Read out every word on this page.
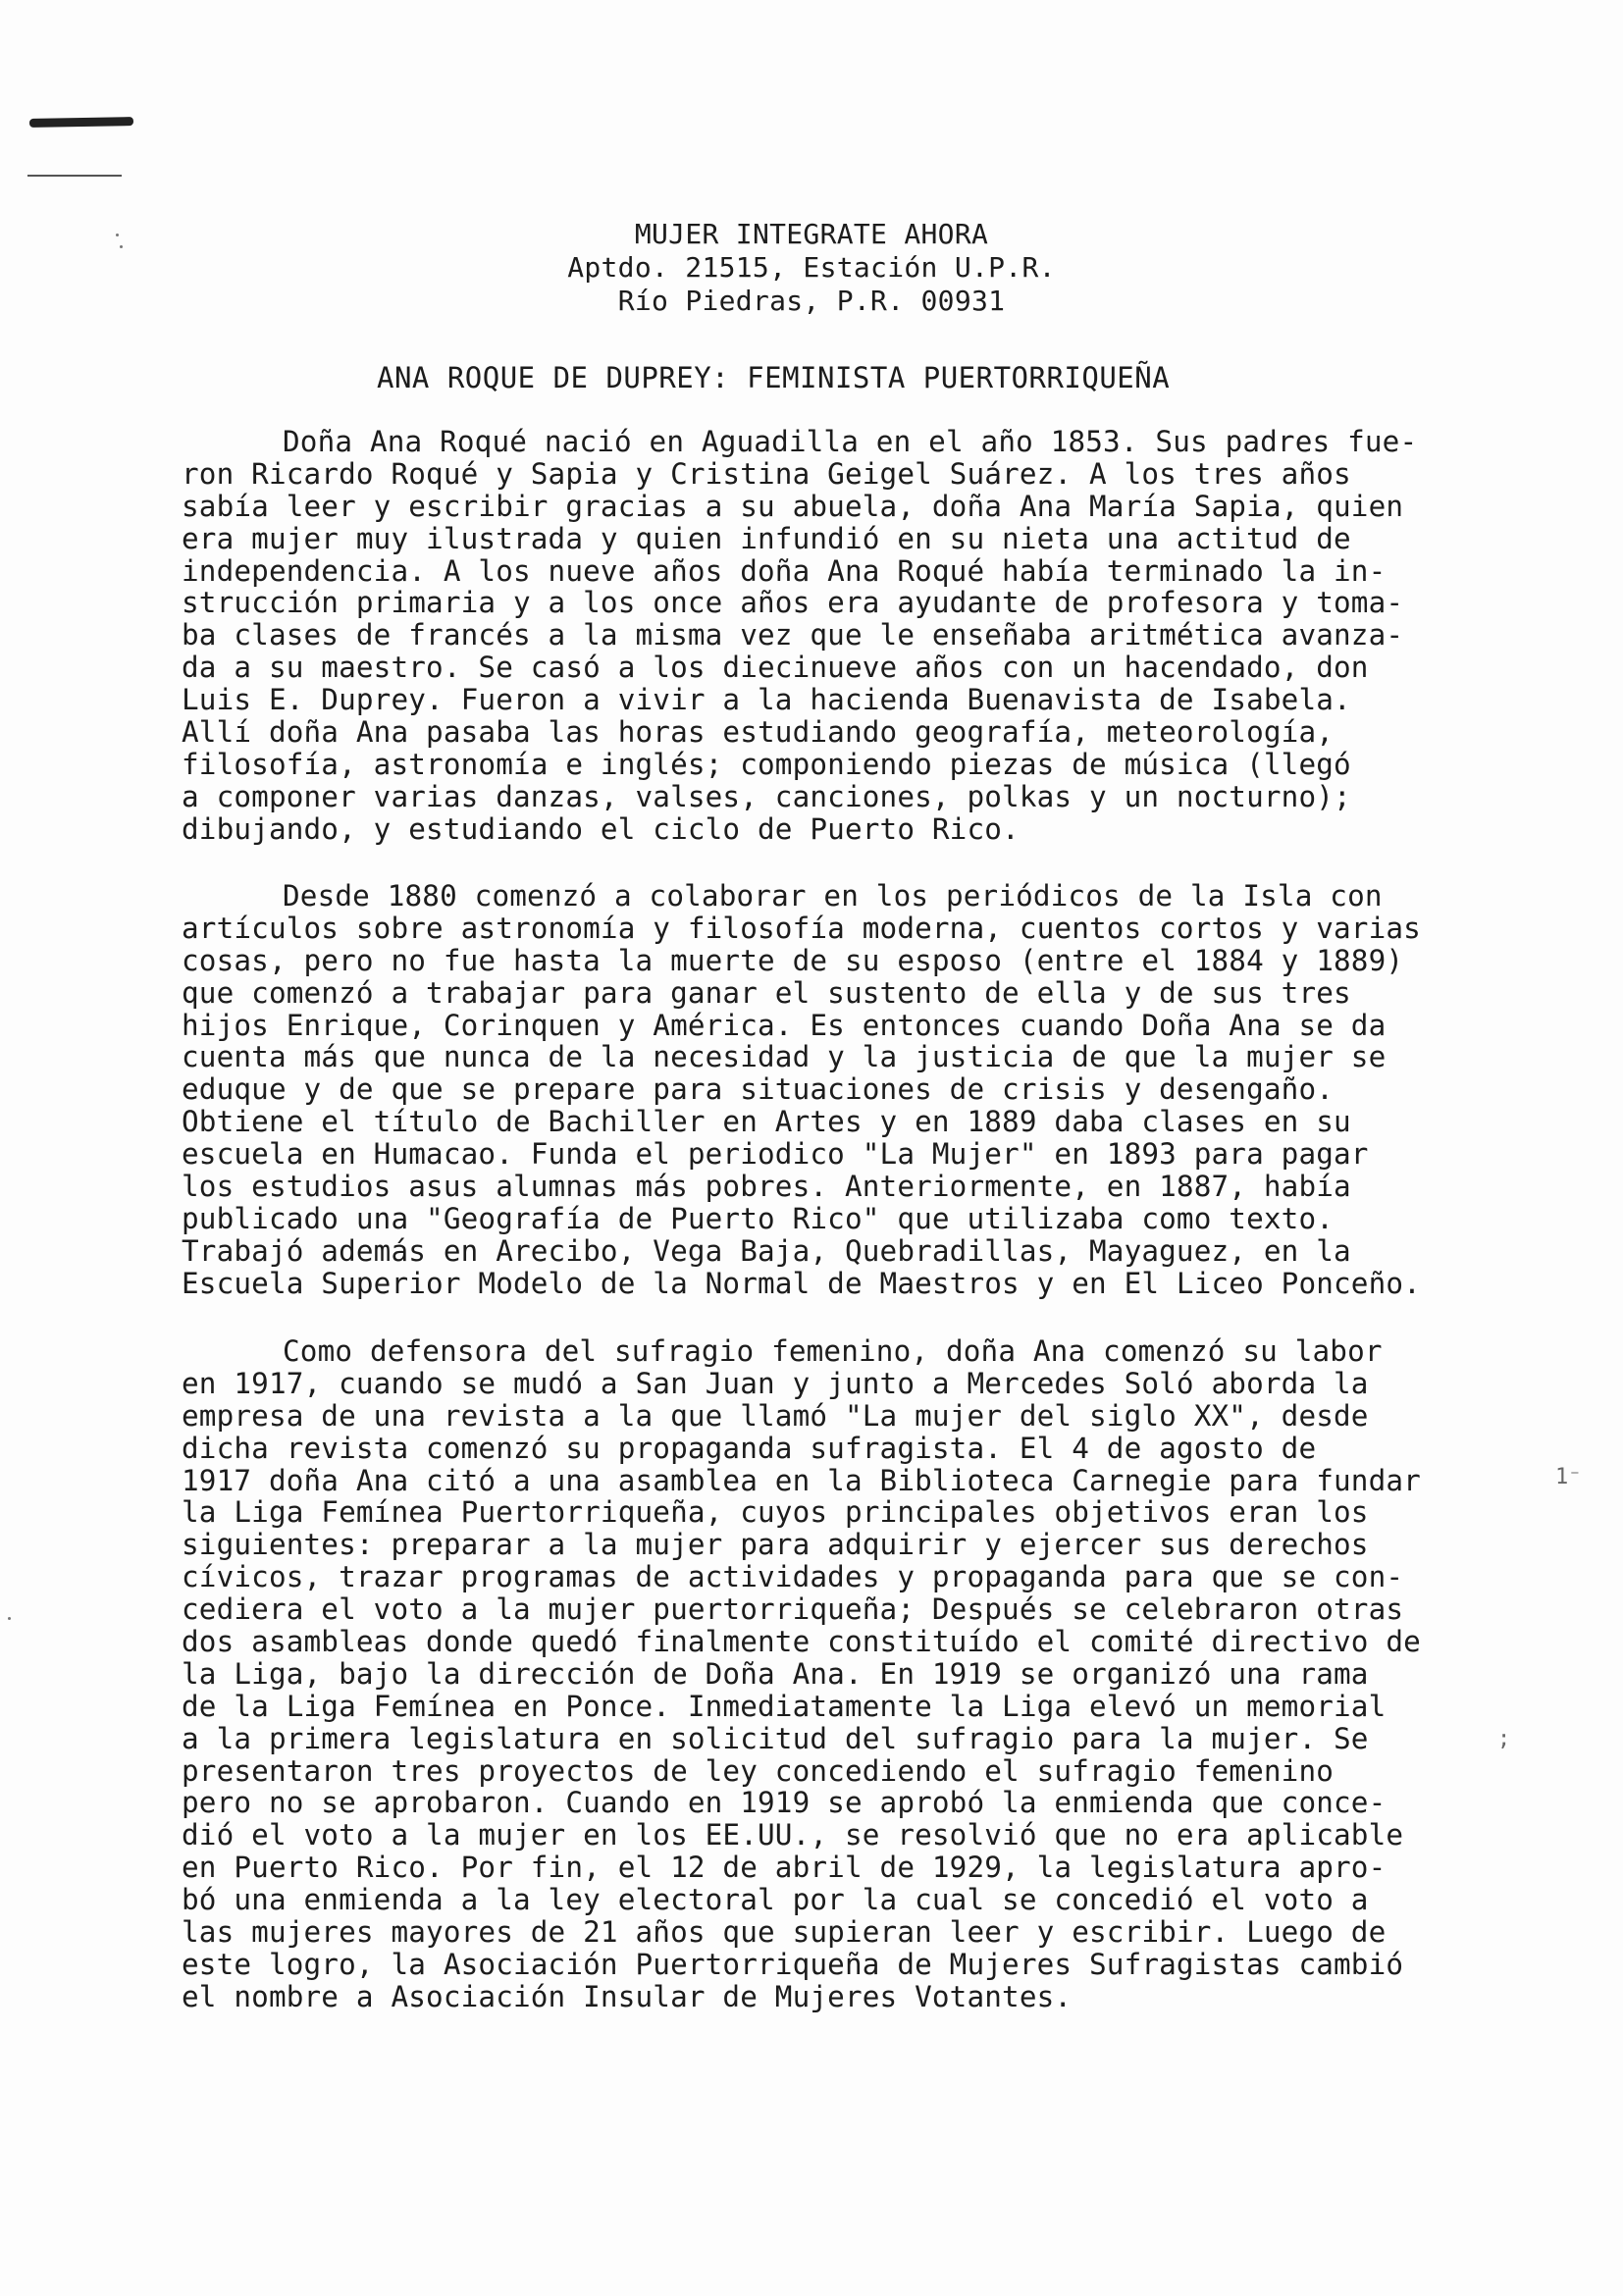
1⁻
;
MUJER INTEGRATE AHORA
Aptdo. 21515, Estación U.P.R.
Río Piedras, P.R. 00931
ANA ROQUE DE DUPREY: FEMINISTA PUERTORRIQUEÑA
Doña Ana Roqué nació en Aguadilla en el año 1853. Sus padres fue-
ron Ricardo Roqué y Sapia y Cristina Geigel Suárez. A los tres años
sabía leer y escribir gracias a su abuela, doña Ana María Sapia, quien
era mujer muy ilustrada y quien infundió en su nieta una actitud de
independencia. A los nueve años doña Ana Roqué había terminado la in-
strucción primaria y a los once años era ayudante de profesora y toma-
ba clases de francés a la misma vez que le enseñaba aritmética avanza-
da a su maestro. Se casó a los diecinueve años con un hacendado, don
Luis E. Duprey. Fueron a vivir a la hacienda Buenavista de Isabela.
Allí doña Ana pasaba las horas estudiando geografía, meteorología,
filosofía, astronomía e inglés; componiendo piezas de música (llegó
a componer varias danzas, valses, canciones, polkas y un nocturno);
dibujando, y estudiando el ciclo de Puerto Rico.
Desde 1880 comenzó a colaborar en los periódicos de la Isla con
artículos sobre astronomía y filosofía moderna, cuentos cortos y varias
cosas, pero no fue hasta la muerte de su esposo (entre el 1884 y 1889)
que comenzó a trabajar para ganar el sustento de ella y de sus tres
hijos Enrique, Corinquen y América. Es entonces cuando Doña Ana se da
cuenta más que nunca de la necesidad y la justicia de que la mujer se
eduque y de que se prepare para situaciones de crisis y desengaño.
Obtiene el título de Bachiller en Artes y en 1889 daba clases en su
escuela en Humacao. Funda el periodico "La Mujer" en 1893 para pagar
los estudios asus alumnas más pobres. Anteriormente, en 1887, había
publicado una "Geografía de Puerto Rico" que utilizaba como texto.
Trabajó además en Arecibo, Vega Baja, Quebradillas, Mayaguez, en la
Escuela Superior Modelo de la Normal de Maestros y en El Liceo Ponceño.
Como defensora del sufragio femenino, doña Ana comenzó su labor
en 1917, cuando se mudó a San Juan y junto a Mercedes Soló aborda la
empresa de una revista a la que llamó "La mujer del siglo XX", desde
dicha revista comenzó su propaganda sufragista. El 4 de agosto de
1917 doña Ana citó a una asamblea en la Biblioteca Carnegie para fundar
la Liga Femínea Puertorriqueña, cuyos principales objetivos eran los
siguientes: preparar a la mujer para adquirir y ejercer sus derechos
cívicos, trazar programas de actividades y propaganda para que se con-
cediera el voto a la mujer puertorriqueña; Después se celebraron otras
dos asambleas donde quedó finalmente constituído el comité directivo de
la Liga, bajo la dirección de Doña Ana. En 1919 se organizó una rama
de la Liga Femínea en Ponce. Inmediatamente la Liga elevó un memorial
a la primera legislatura en solicitud del sufragio para la mujer. Se
presentaron tres proyectos de ley concediendo el sufragio femenino
pero no se aprobaron. Cuando en 1919 se aprobó la enmienda que conce-
dió el voto a la mujer en los EE.UU., se resolvió que no era aplicable
en Puerto Rico. Por fin, el 12 de abril de 1929, la legislatura apro-
bó una enmienda a la ley electoral por la cual se concedió el voto a
las mujeres mayores de 21 años que supieran leer y escribir. Luego de
este logro, la Asociación Puertorriqueña de Mujeres Sufragistas cambió
el nombre a Asociación Insular de Mujeres Votantes.
